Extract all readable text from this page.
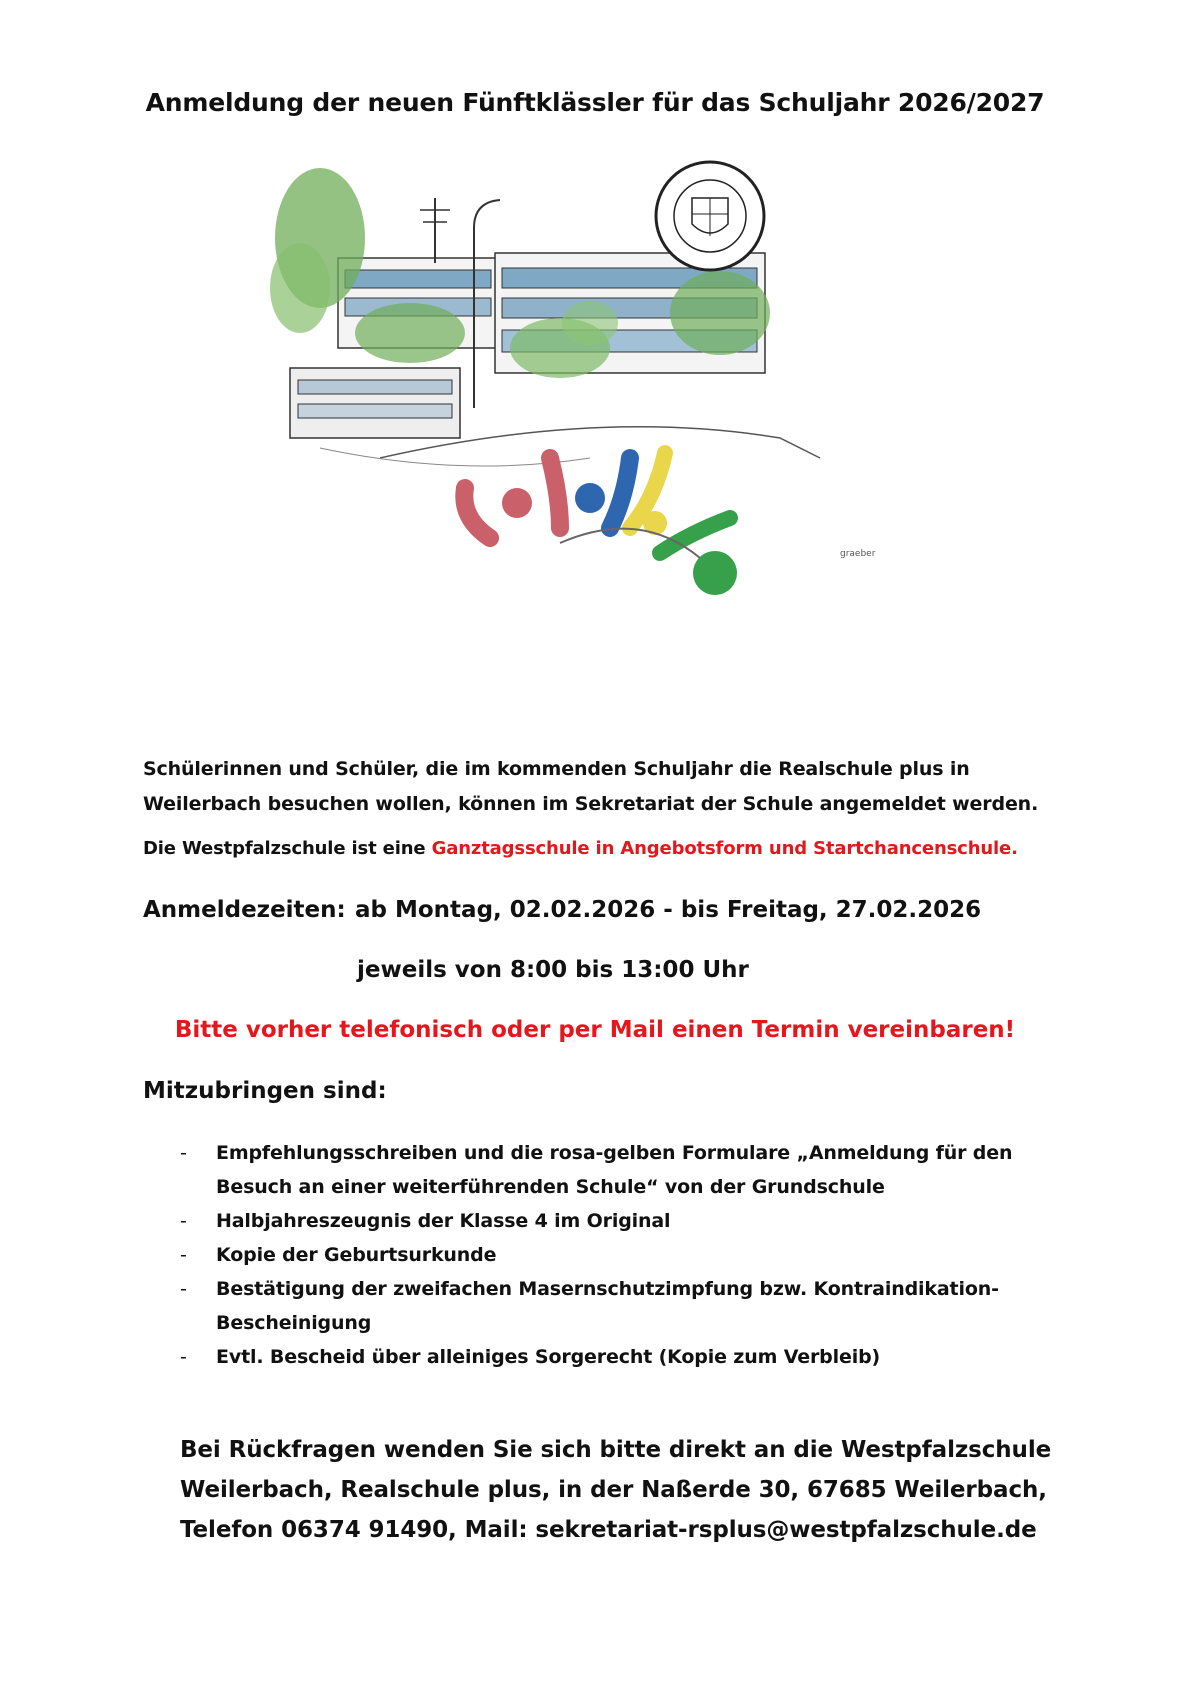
Anmeldung der neuen Fünftklässler für das Schuljahr 2026/2027
graeber

Schülerinnen und Schüler, die im kommenden Schuljahr die Realschule plus in Weilerbach besuchen wollen, können im Sekretariat der Schule angemeldet werden.

Die Westpfalzschule ist eine Ganztagsschule in Angebotsform und Startchancenschule.

Anmeldezeiten: ab Montag, 02.02.2026 - bis Freitag, 27.02.2026
jeweils von 8:00 bis 13:00 Uhr
Bitte vorher telefonisch oder per Mail einen Termin vereinbaren!
Mitzubringen sind:
- Empfehlungsschreiben und die rosa-gelben Formulare „Anmeldung für den Besuch an einer weiterführenden Schule“ von der Grundschule
- Halbjahreszeugnis der Klasse 4 im Original
- Kopie der Geburtsurkunde
- Bestätigung der zweifachen Masernschutzimpfung bzw. Kontraindikation-Bescheinigung
- Evtl. Bescheid über alleiniges Sorgerecht (Kopie zum Verbleib)

Bei Rückfragen wenden Sie sich bitte direkt an die Westpfalzschule Weilerbach, Realschule plus, in der Naßerde 30, 67685 Weilerbach, Telefon 06374 91490, Mail: sekretariat-rsplus@westpfalzschule.de
